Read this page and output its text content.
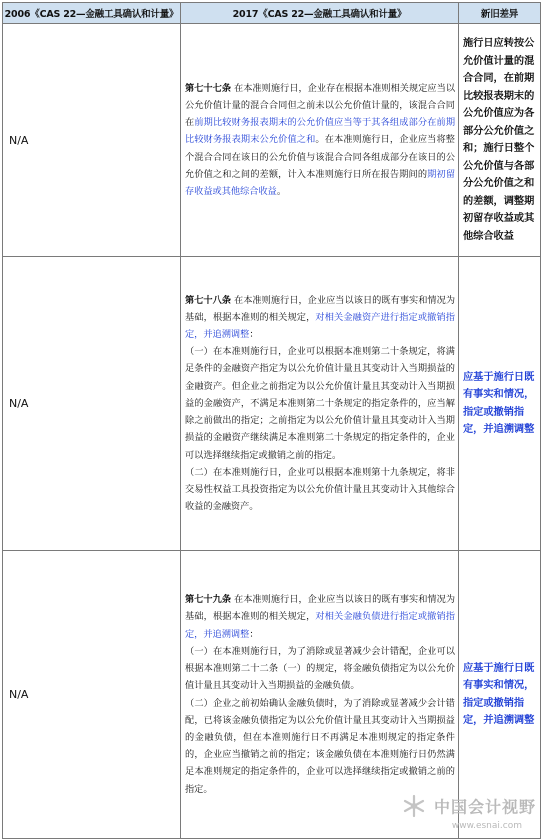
2006《CAS 22—金融工具确认和计量》	2017《CAS 22—金融工具确认和计量》	新旧差异
N/A	第七十七条 在本准则施行日，企业存在根据本准则相关规定应当以公允价值计量的混合合同但之前未以公允价值计量的，该混合合同在前期比较财务报表期末的公允价值应当等于其各组成部分在前期比较财务报表期末公允价值之和。在本准则施行日，企业应当将整个混合合同在该日的公允价值与该混合合同各组成部分在该日的公允价值之和之间的差额，计入本准则施行日所在报告期间的期初留存收益或其他综合收益。	施行日应转按公允价值计量的混合合同，在前期比较报表期末的公允价值应为各部分公允价值之和；施行日整个公允价值与各部分公允价值之和的差额，调整期初留存收益或其他综合收益
N/A	第七十八条 在本准则施行日，企业应当以该日的既有事实和情况为基础，根据本准则的相关规定，对相关金融资产进行指定或撤销指定，并追溯调整：

（一）在本准则施行日，企业可以根据本准则第二十条规定，将满足条件的金融资产指定为以公允价值计量且其变动计入当期损益的金融资产。但企业之前指定为以公允价值计量且其变动计入当期损益的金融资产，不满足本准则第二十条规定的指定条件的，应当解除之前做出的指定；之前指定为以公允价值计量且其变动计入当期损益的金融资产继续满足本准则第二十条规定的指定条件的，企业可以选择继续指定或撤销之前的指定。

（二）在本准则施行日，企业可以根据本准则第十九条规定，将非交易性权益工具投资指定为以公允价值计量且其变动计入其他综合收益的金融资产。	应基于施行日既有事实和情况，指定或撤销指定，并追溯调整
N/A	第七十九条 在本准则施行日，企业应当以该日的既有事实和情况为基础，根据本准则的相关规定，对相关金融负债进行指定或撤销指定，并追溯调整：

（一）在本准则施行日，为了消除或显著减少会计错配，企业可以根据本准则第二十二条（一）的规定，将金融负债指定为以公允价值计量且其变动计入当期损益的金融负债。

（二）企业之前初始确认金融负债时，为了消除或显著减少会计错配，已将该金融负债指定为以公允价值计量且其变动计入当期损益的金融负债，但在本准则施行日不再满足本准则规定的指定条件的，企业应当撤销之前的指定；该金融负债在本准则施行日仍然满足本准则规定的指定条件的，企业可以选择继续指定或撤销之前的指定。	应基于施行日既有事实和情况，指定或撤销指定，并追溯调整
中国会计视野
www.esnai.com
